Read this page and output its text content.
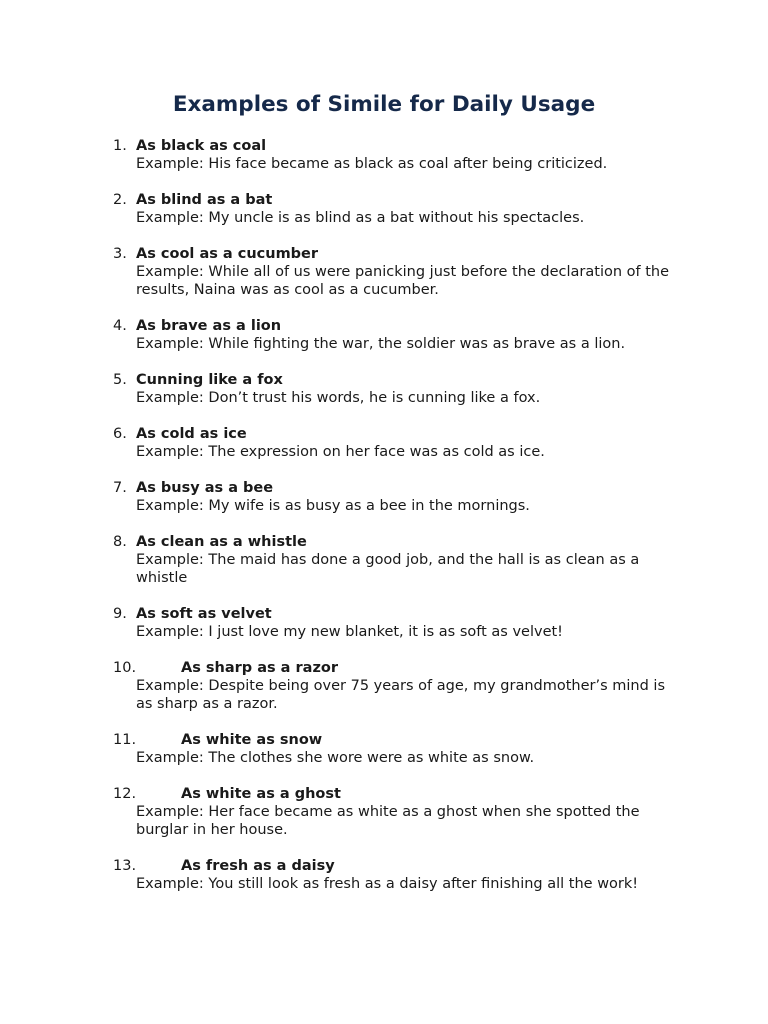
Examples of Simile for Daily Usage
1. As black as coal
Example: His face became as black as coal after being criticized.
2. As blind as a bat
Example: My uncle is as blind as a bat without his spectacles.
3. As cool as a cucumber
Example: While all of us were panicking just before the declaration of the results, Naina was as cool as a cucumber.
4. As brave as a lion
Example: While fighting the war, the soldier was as brave as a lion.
5. Cunning like a fox
Example: Don’t trust his words, he is cunning like a fox.
6. As cold as ice
Example: The expression on her face was as cold as ice.
7. As busy as a bee
Example: My wife is as busy as a bee in the mornings.
8. As clean as a whistle
Example: The maid has done a good job, and the hall is as clean as a whistle
9. As soft as velvet
Example: I just love my new blanket, it is as soft as velvet!
10.	As sharp as a razor
Example: Despite being over 75 years of age, my grandmother’s mind is as sharp as a razor.
11.	As white as snow
Example: The clothes she wore were as white as snow.
12.	As white as a ghost
Example: Her face became as white as a ghost when she spotted the burglar in her house.
13.	As fresh as a daisy
Example: You still look as fresh as a daisy after finishing all the work!
